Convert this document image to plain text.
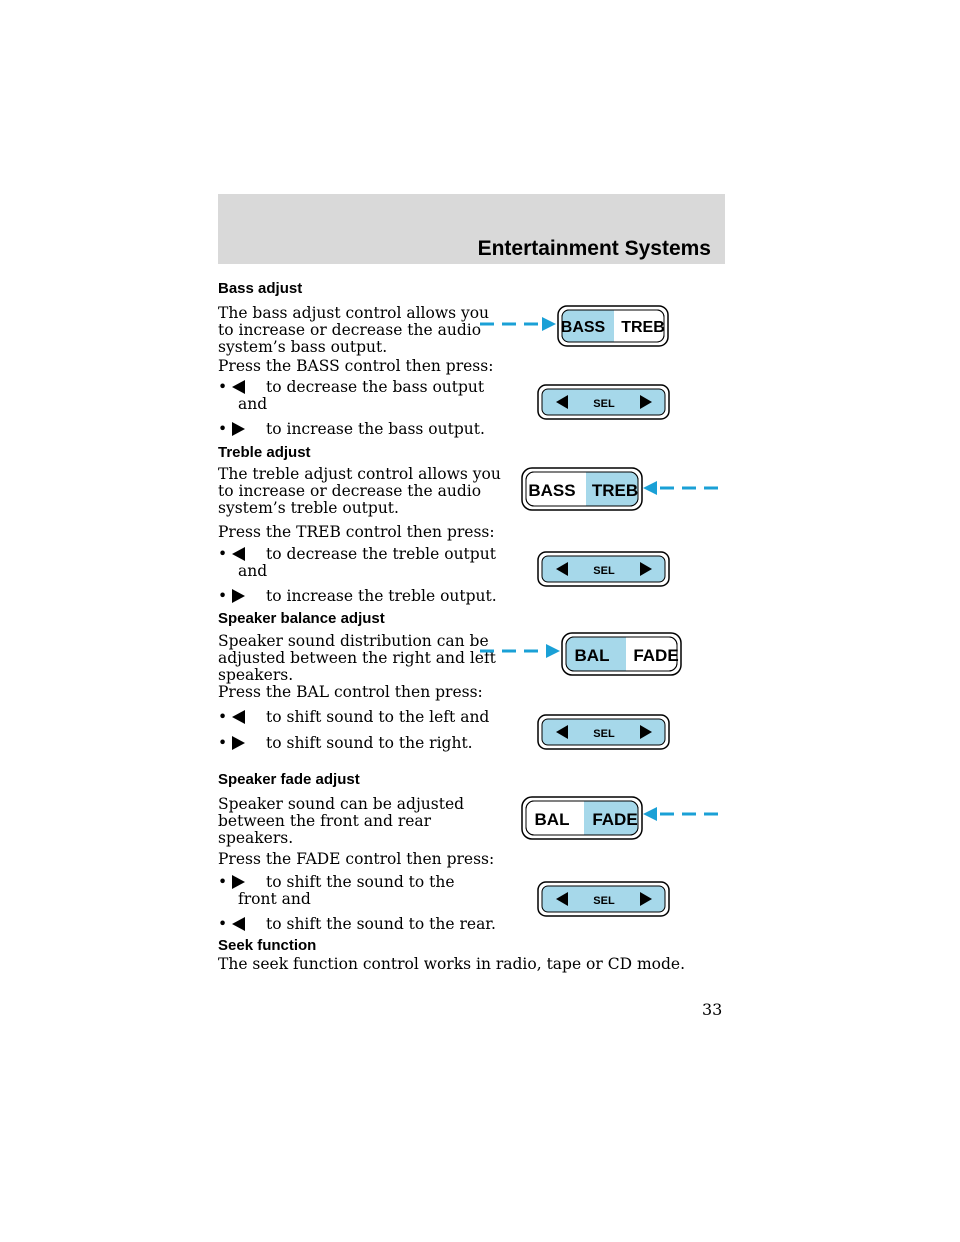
Entertainment Systems
Bass adjust
The bass adjust control allows you
to increase or decrease the audio
system’s bass output.
Press the BASS control then press:
•	to decrease the bass output
and
•	to increase the bass output.
Treble adjust
The treble adjust control allows you
to increase or decrease the audio
system’s treble output.
Press the TREB control then press:
•	to decrease the treble output
and
•	to increase the treble output.
Speaker balance adjust
Speaker sound distribution can be
adjusted between the right and left
speakers.
Press the BAL control then press:
•	to shift sound to the left and
•	to shift sound to the right.
Speaker fade adjust
Speaker sound can be adjusted
between the front and rear
speakers.
Press the FADE control then press:
•	to shift the sound to the
front and
•	to shift the sound to the rear.
Seek function
The seek function control works in radio, tape or CD mode.
33
BASS TREB
SEL
BASS TREB
SEL
BAL FADE
SEL
BAL FADE
SEL
